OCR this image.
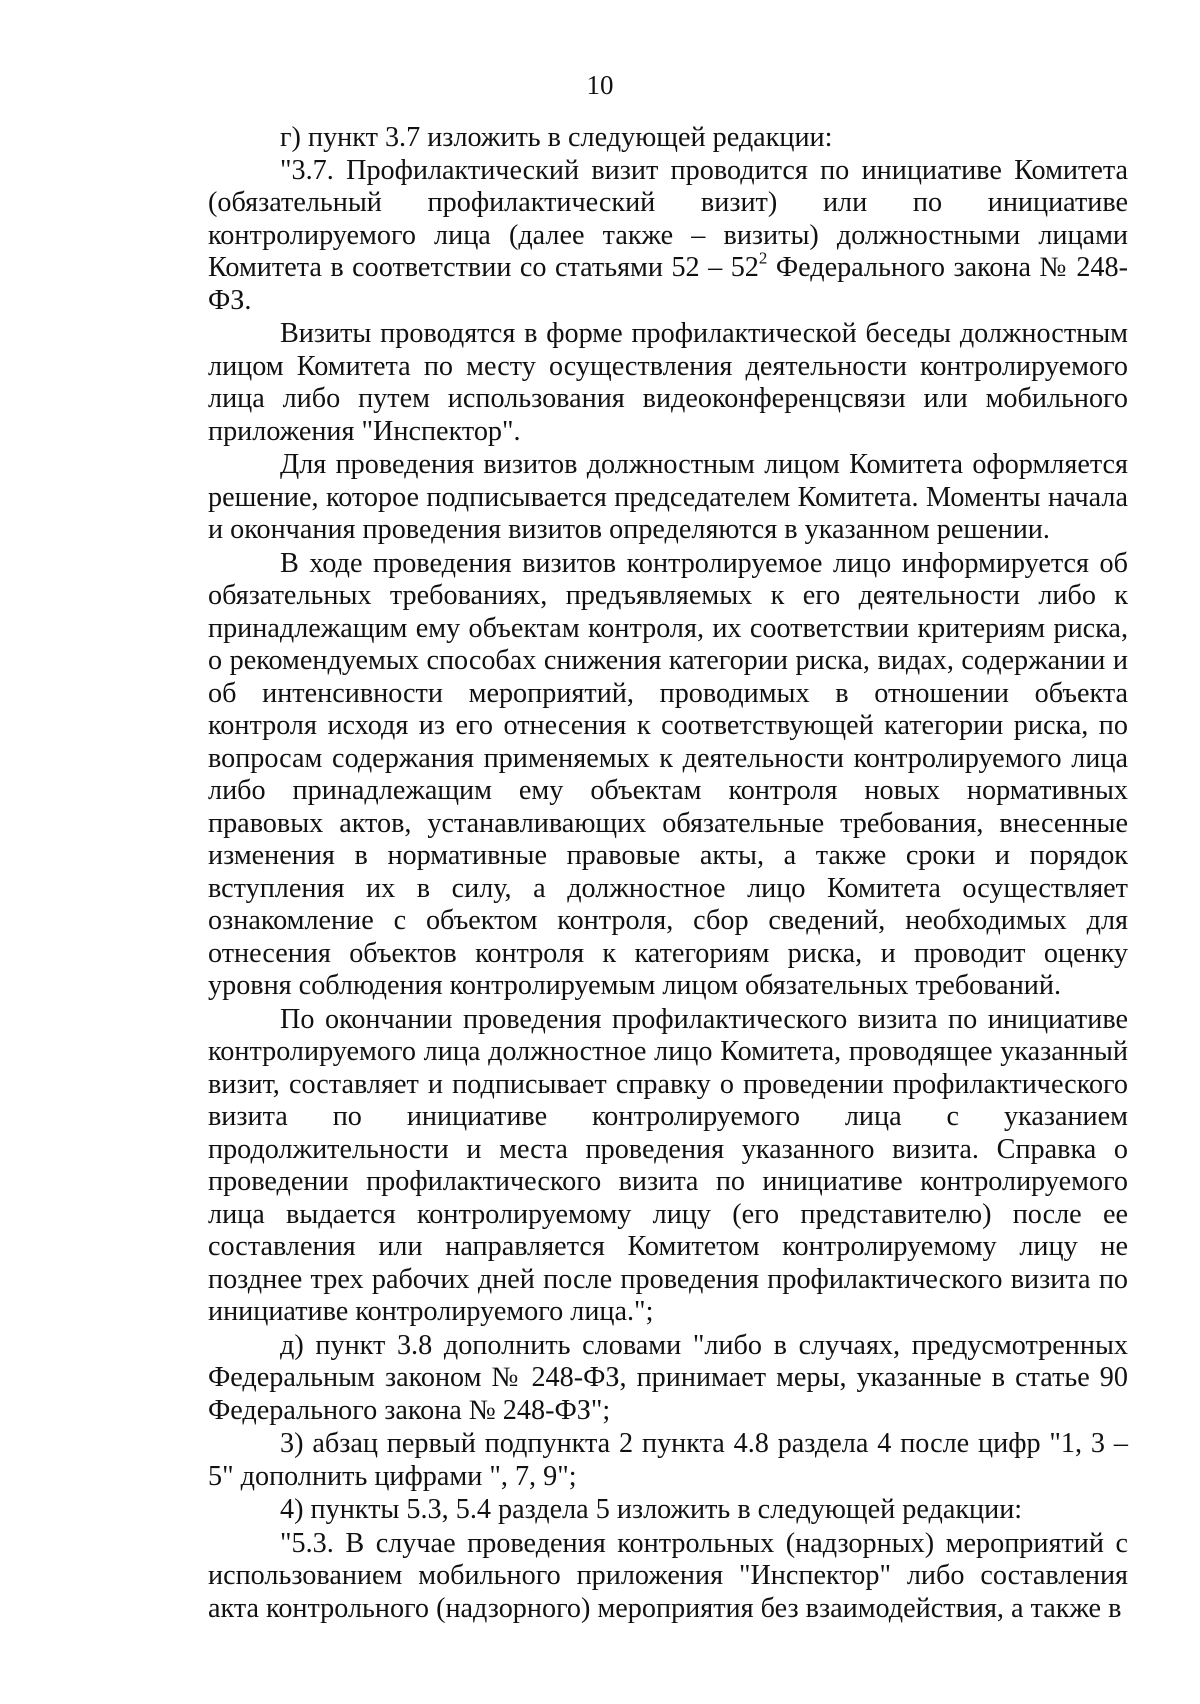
10

г) пункт 3.7 изложить в следующей редакции:

"3.7. Профилактический визит проводится по инициативе Комитета (обязательный профилактический визит) или по инициативе контролируемого лица (далее также – визиты) должностными лицами Комитета в соответствии со статьями $52 - 52^2$ Федерального закона № 248-ФЗ.

Визиты проводятся в форме профилактической беседы должностным лицом Комитета по месту осуществления деятельности контролируемого лица либо путем использования видеоконференцсвязи или мобильного приложения "Инспектор".

Для проведения визитов должностным лицом Комитета оформляется решение, которое подписывается председателем Комитета. Моменты начала и окончания проведения визитов определяются в указанном решении.

В ходе проведения визитов контролируемое лицо информируется об обязательных требованиях, предъявляемых к его деятельности либо к принадлежащим ему объектам контроля, их соответствии критериям риска, о рекомендуемых способах снижения категории риска, видах, содержании и об интенсивности мероприятий, проводимых в отношении объекта контроля исходя из его отнесения к соответствующей категории риска, по вопросам содержания применяемых к деятельности контролируемого лица либо принадлежащим ему объектам контроля новых нормативных правовых актов, устанавливающих обязательные требования, внесенные изменения в нормативные правовые акты, а также сроки и порядок вступления их в силу, а должностное лицо Комитета осуществляет ознакомление с объектом контроля, сбор сведений, необходимых для отнесения объектов контроля к категориям риска, и проводит оценку уровня соблюдения контролируемым лицом обязательных требований.

По окончании проведения профилактического визита по инициативе контролируемого лица должностное лицо Комитета, проводящее указанный визит, составляет и подписывает справку о проведении профилактического визита по инициативе контролируемого лица с указанием продолжительности и места проведения указанного визита. Справка о проведении профилактического визита по инициативе контролируемого лица выдается контролируемому лицу (его представителю) после ее составления или направляется Комитетом контролируемому лицу не позднее трех рабочих дней после проведения профилактического визита по инициативе контролируемого лица.";

д) пункт 3.8 дополнить словами "либо в случаях, предусмотренных Федеральным законом № 248-ФЗ, принимает меры, указанные в статье 90 Федерального закона № 248-ФЗ";

3) абзац первый подпункта 2 пункта 4.8 раздела 4 после цифр "1, 3 – 5" дополнить цифрами ", 7, 9";

4) пункты 5.3, 5.4 раздела 5 изложить в следующей редакции:

"5.3. В случае проведения контрольных (надзорных) мероприятий с использованием мобильного приложения "Инспектор" либо составления акта контрольного (надзорного) мероприятия без взаимодействия, а также в
